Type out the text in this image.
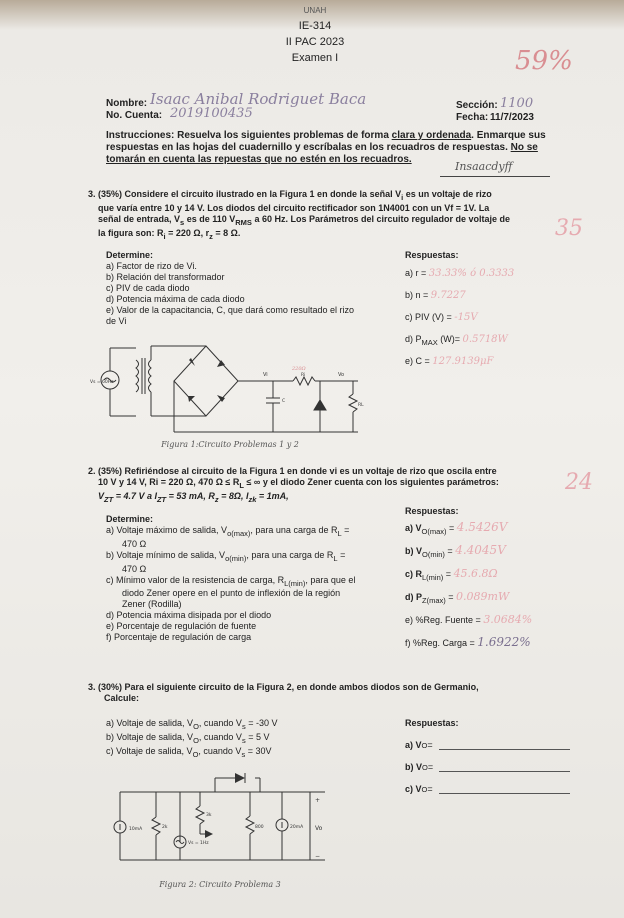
UNAH
IE-314
II PAC 2023
Examen I	59%
Nombre: Isaac Anibal Rodriguet Baca
No. Cuenta: 2019100435
Sección: 1100
Fecha: 11/7/2023
Instrucciones: Resuelva los siguientes problemas de forma clara y ordenada. Enmarque sus
respuestas en las hojas del cuadernillo y escríbalas en los recuadros de respuestas. No se
tomarán en cuenta las repuestas que no estén en los recuadros.
Insaacdyff
3. (35%) Considere el circuito ilustrado en la Figura 1 en donde la señal $V_i$ es un voltaje de rizo
que varía entre 10 y 14 V. Los diodos del circuito rectificador son 1N4001 con un Vf = 1V. La
señal de entrada, $V_s$ es de 110 $V_{RMS}$ a 60 Hz. Los Parámetros del circuito regulador de voltaje de
la figura son: $R_i = 220$ Ω, $r_z = 8$ Ω.	35
Determine:
a) Factor de rizo de Vi.
b) Relación del transformador
c) PIV de cada diodo
d) Potencia máxima de cada diodo
e) Valor de la capacitancia, C, que dará como resultado el rizo
de Vi
Respuestas:
a) r = 33.33% ó 0.3333
b) n = 9.7227
c) PIV (V) = -15V
d) $P_{MAX}$ (W)= 0.5718W
e) C = 127.9139μF
Vs = 60Hz
Vi	Vo
Ri
220Ω
C
RL
Figura 1:Circuito Problemas 1 y 2
2. (35%) Refiriéndose al circuito de la Figura 1 en donde vi es un voltaje de rizo que oscila entre
10 V y 14 V, Ri = 220 Ω, 470 $\Omega \le R_L$ ≤ ∞ y el diodo Zener cuenta con los siguientes parámetros:
$V_{ZT} = 4.7$ V a $I_{ZT} = 53$ mA, $R_z = 8\Omega$, $I_{zk} = 1mA$,
24
Determine:
a) Voltaje máximo de salida, $V_{o(max)}$, para una carga de $R_L$ =
470 Ω
b) Voltaje mínimo de salida, $V_{o(min)}$, para una carga de $R_L$ =
470 Ω
c) Mínimo valor de la resistencia de carga, $R_{L(min)}$, para que el
diodo Zener opere en el punto de inflexión de la región
Zener (Rodilla)
d) Potencia máxima disipada por el diodo
e) Porcentaje de regulación de fuente
f) Porcentaje de regulación de carga
Respuestas:
a) $V_{O(max)} = 4.5426V$
b) $V_{O(min)} = 4.4045V$
c) $R_{L(min)} = 45.6.8\Omega$
d) $P_{Z(max)} = 0.089mW$
e) %Reg. Fuente = 3.0684%
f) %Reg. Carga = 1.6922%
3. (30%) Para el siguiente circuito de la Figura 2, en donde ambos diodos son de Germanio,
Calcule:
a) Voltaje de salida, $V_O$, cuando $V_s = -30$ V
b) Voltaje de salida, $V_O$, cuando $V_s = 5$ V
c) Voltaje de salida, $V_O$, cuando $V_s = 30V$
Respuestas:
a) V O =
b) V O =
c) V O =
10mA	2k
3k
Vs = 1Hz
800	20mA Vo
+
−
Figura 2: Circuito Problema 3
